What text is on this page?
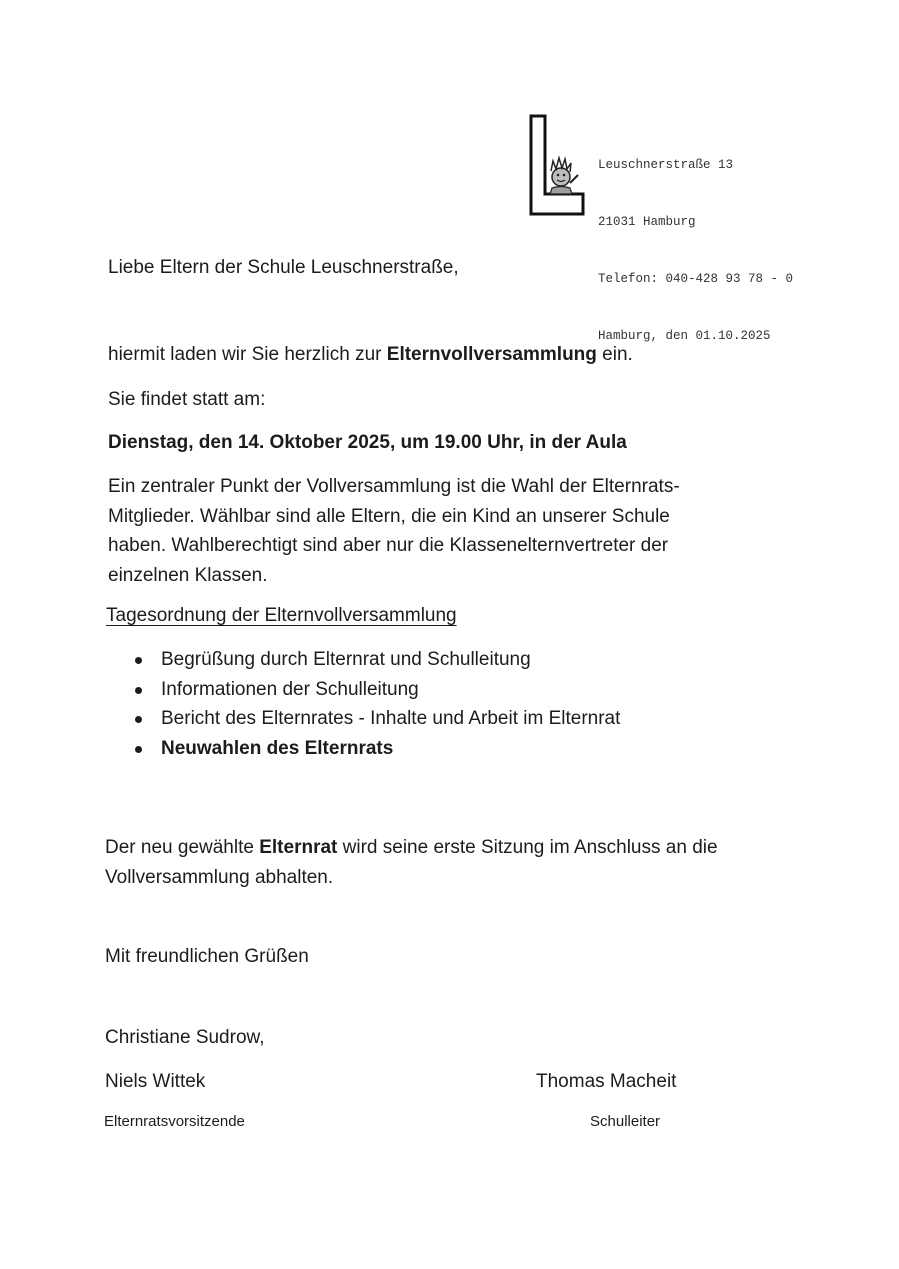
Leuschnerstraße 13

21031 Hamburg

Telefon: 040-428 93 78 - 0

Hamburg, den 01.10.2025

Liebe Eltern der Schule Leuschnerstraße,
hiermit laden wir Sie herzlich zur Elternvollversammlung ein.
Sie findet statt am:
Dienstag, den 14. Oktober 2025, um 19.00 Uhr, in der Aula
Ein zentraler Punkt der Vollversammlung ist die Wahl der Elternrats-
Mitglieder. Wählbar sind alle Eltern, die ein Kind an unserer Schule
haben. Wahlberechtigt sind aber nur die Klassenelternvertreter der
einzelnen Klassen.
Tagesordnung der Elternvollversammlung
Begrüßung durch Elternrat und Schulleitung
Informationen der Schulleitung
Bericht des Elternrates - Inhalte und Arbeit im Elternrat
Neuwahlen des Elternrats
Der neu gewählte Elternrat wird seine erste Sitzung im Anschluss an die
Vollversammlung abhalten.
Mit freundlichen Grüßen
Christiane Sudrow,
Niels Wittek	Thomas Macheit
Elternratsvorsitzende	Schulleiter
